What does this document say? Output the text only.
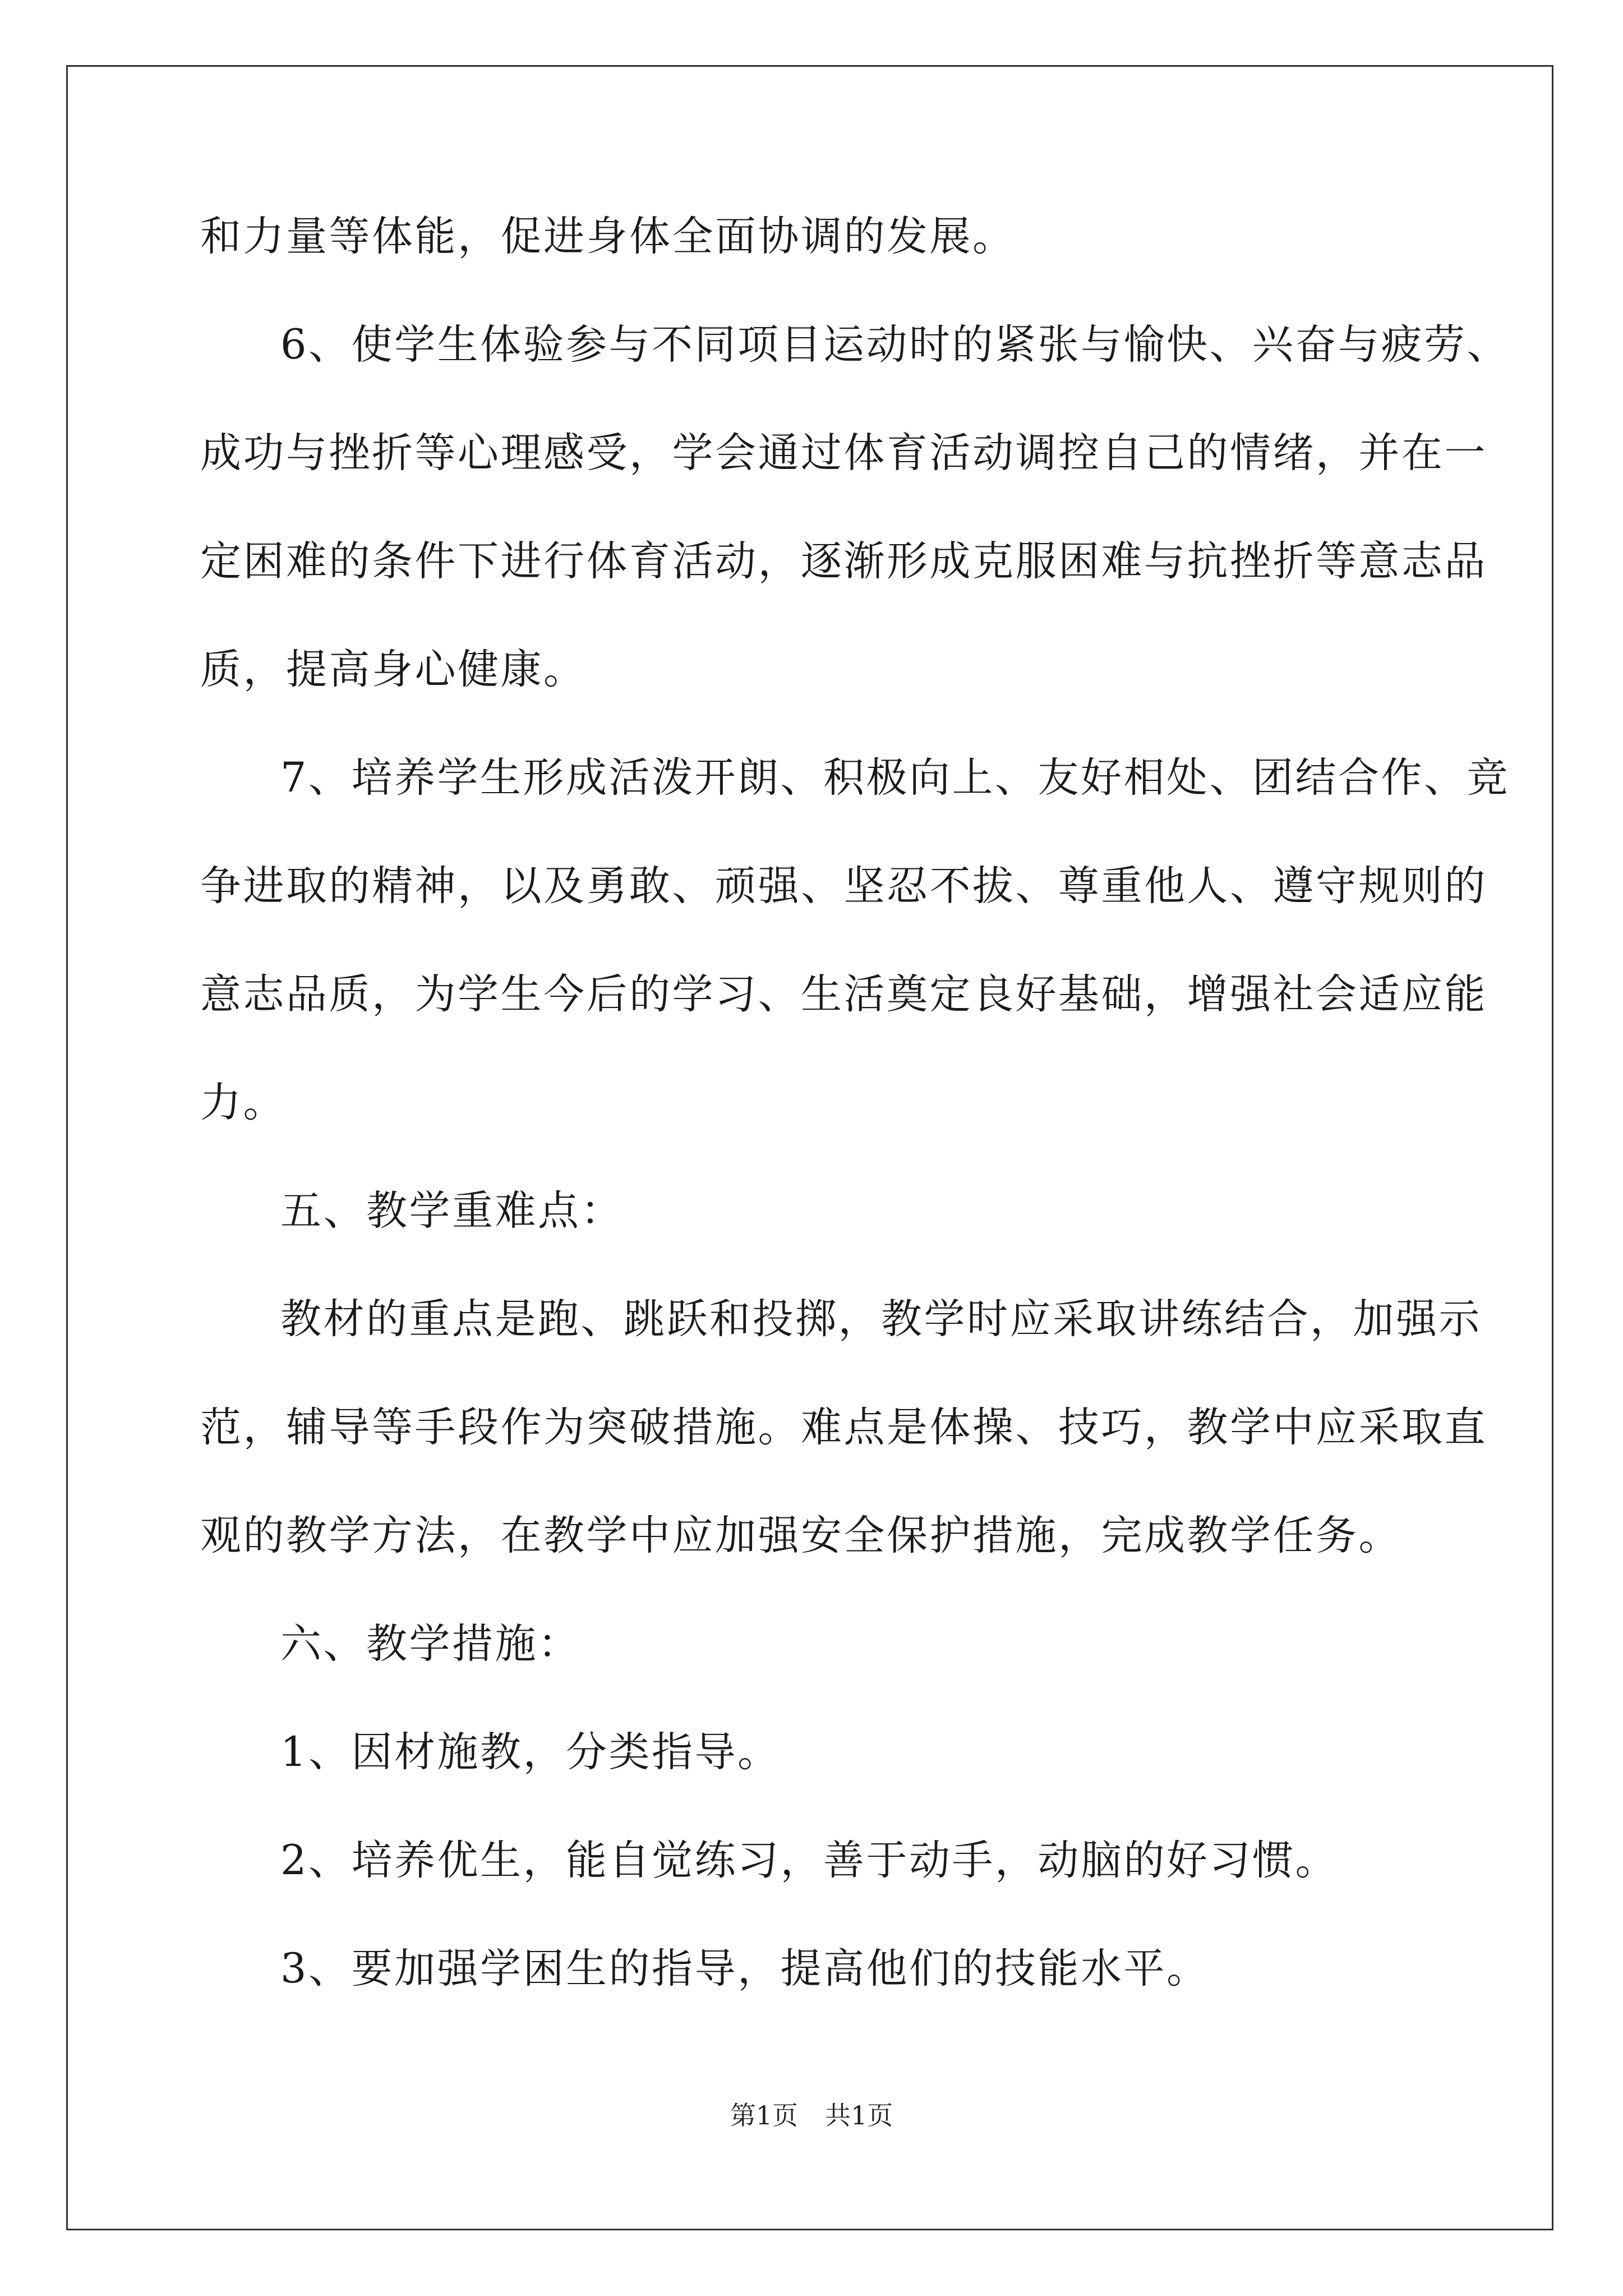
和力量等体能，促进身体全面协调的发展。
6、使学生体验参与不同项目运动时的紧张与愉快、兴奋与疲劳、
成功与挫折等心理感受，学会通过体育活动调控自己的情绪，并在一
定困难的条件下进行体育活动，逐渐形成克服困难与抗挫折等意志品
质，提高身心健康。
7、培养学生形成活泼开朗、积极向上、友好相处、团结合作、竞
争进取的精神，以及勇敢、顽强、坚忍不拔、尊重他人、遵守规则的
意志品质，为学生今后的学习、生活奠定良好基础，增强社会适应能
力。
五、教学重难点：
教材的重点是跑、跳跃和投掷，教学时应采取讲练结合，加强示
范，辅导等手段作为突破措施。难点是体操、技巧，教学中应采取直
观的教学方法，在教学中应加强安全保护措施，完成教学任务。
六、教学措施：
1、因材施教，分类指导。
2、培养优生，能自觉练习，善于动手，动脑的好习惯。
3、要加强学困生的指导，提高他们的技能水平。
第1页 共1页
